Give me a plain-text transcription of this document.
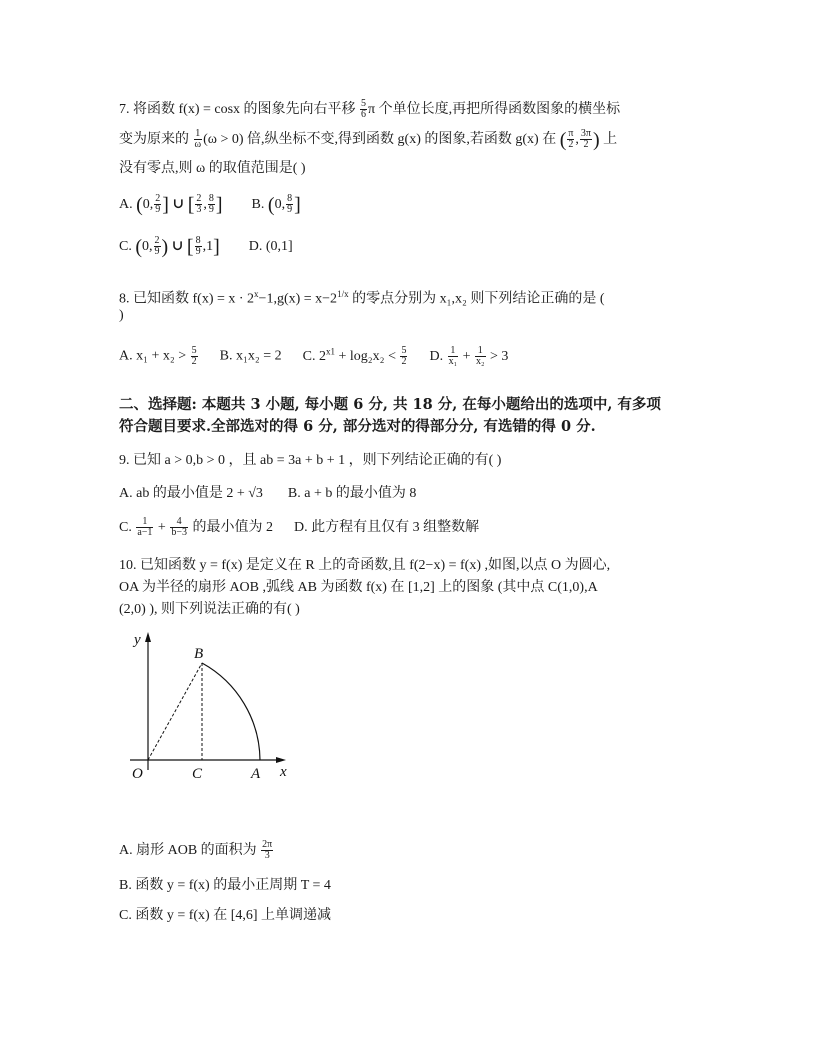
7. 将函数 f(x) = cosx 的图象先向右平移 $\frac{5}{6}$ π 个单位长度,再把所得函数图象的横坐标
变为原来的 $\frac{1}{\omega} (\omega > 0)$ 倍,纵坐标不变,得到函数 g(x) 的图象,若函数 g(x) 在 ( $\frac{\pi}{2}$ , $\frac{3\pi}{2}$ ) 上
没有零点,则 ω 的取值范围是( )
A. (0, $\frac{2}{9}$ ] ∪ [ $\frac{2}{3}$ , $\frac{8}{9}$ ] B. (0, $\frac{8}{9}$ ]
C. (0, $\frac{2}{9}$ ) ∪ [ $\frac{8}{9} ,1$] D. (0,1]
8. 已知函数 $f(x) = x \cdot 2^x-1,g(x) = x-2^{1/x}$ 的零点分别为 x₁,x₂ 则下列结论正确的是 (
)
A. $x_1 + x_2 > \frac{5}{2} B$. x₁x₂ = 2 C. $2^{x1} + \log_2x_2 < \frac{5}{2} D$. $\frac{1}{\text{x₁}} + \frac{1}{\text{x₂}} > 3$
二、选择题: 本题共 3 小题, 每小题 6 分, 共 18 分, 在每小题给出的选项中, 有多项
符合题目要求.全部选对的得 6 分, 部分选对的得部分分, 有选错的得 0 分.
9. 已知 a > 0,b > 0 ，且 ab = 3a + b + 1 ，则下列结论正确的有( )
A. ab 的最小值是 2 + √3 B. a + b 的最小值为 8
C. $\frac{1}{a-1} + \frac{4}{b-3}$ 的最小值为 2 D. 此方程有且仅有 3 组整数解
10. 已知函数 y = f(x) 是定义在 R 上的奇函数,且 f(2−x) = f(x) ,如图,以点 O 为圆心,
OA 为半径的扇形 AOB ,弧线 AB 为函数 f(x) 在 [1,2] 上的图象 (其中点 C(1,0),A
(2,0) ), 则下列说法正确的有( )
y
x
O	C	A
B
A. 扇形 AOB 的面积为 $\frac{2\pi}{3}$
B. 函数 y = f(x) 的最小正周期 T = 4
C. 函数 y = f(x) 在 [4,6] 上单调递减
